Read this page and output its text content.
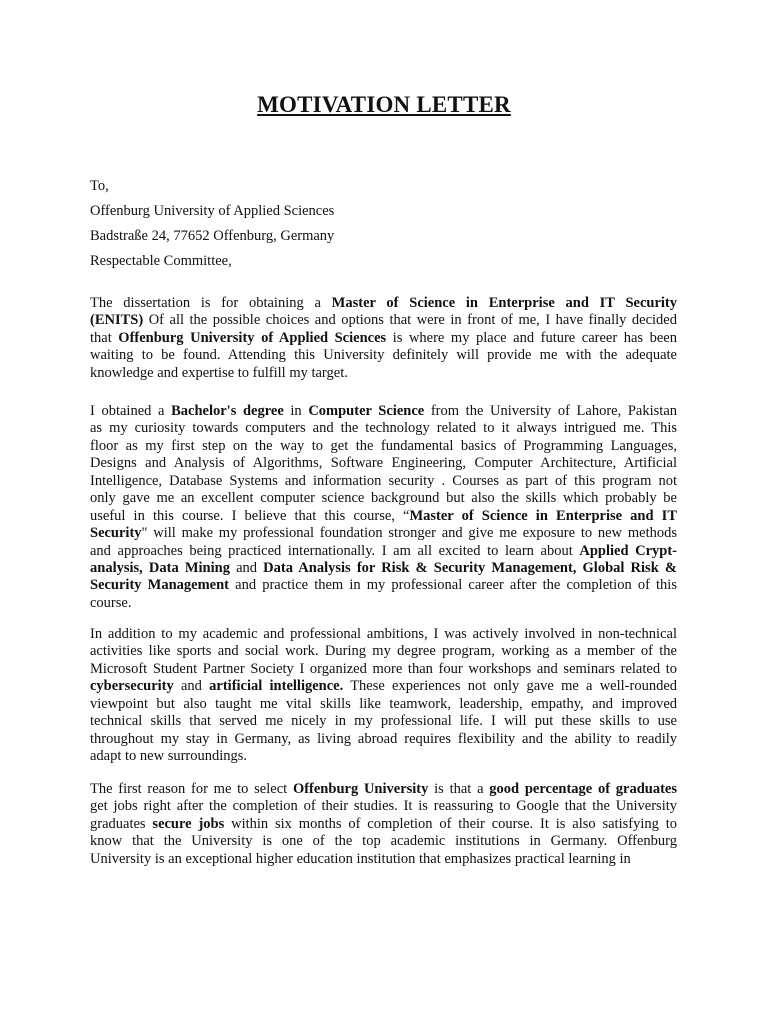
MOTIVATION LETTER
To,
Offenburg University of Applied Sciences
Badstraße 24, 77652 Offenburg, Germany
Respectable Committee,
The dissertation is for obtaining a Master of Science in Enterprise and IT Security
(ENITS) Of all the possible choices and options that were in front of me, I have finally decided
that Offenburg University of Applied Sciences is where my place and future career has been
waiting to be found. Attending this University definitely will provide me with the adequate
knowledge and expertise to fulfill my target.
I obtained a Bachelor's degree in Computer Science from the University of Lahore, Pakistan
as my curiosity towards computers and the technology related to it always intrigued me. This
floor as my first step on the way to get the fundamental basics of Programming Languages,
Designs and Analysis of Algorithms, Software Engineering, Computer Architecture, Artificial
Intelligence, Database Systems and information security . Courses as part of this program not
only gave me an excellent computer science background but also the skills which probably be
useful in this course. I believe that this course, “Master of Science in Enterprise and IT
Security" will make my professional foundation stronger and give me exposure to new methods
and approaches being practiced internationally. I am all excited to learn about Applied Crypt-
analysis, Data Mining and Data Analysis for Risk & Security Management, Global Risk &
Security Management and practice them in my professional career after the completion of this
course.
In addition to my academic and professional ambitions, I was actively involved in non-technical
activities like sports and social work. During my degree program, working as a member of the
Microsoft Student Partner Society I organized more than four workshops and seminars related to
cybersecurity and artificial intelligence. These experiences not only gave me a well-rounded
viewpoint but also taught me vital skills like teamwork, leadership, empathy, and improved
technical skills that served me nicely in my professional life. I will put these skills to use
throughout my stay in Germany, as living abroad requires flexibility and the ability to readily
adapt to new surroundings.
The first reason for me to select Offenburg University is that a good percentage of graduates
get jobs right after the completion of their studies. It is reassuring to Google that the University
graduates secure jobs within six months of completion of their course. It is also satisfying to
know that the University is one of the top academic institutions in Germany. Offenburg
University is an exceptional higher education institution that emphasizes practical learning in
